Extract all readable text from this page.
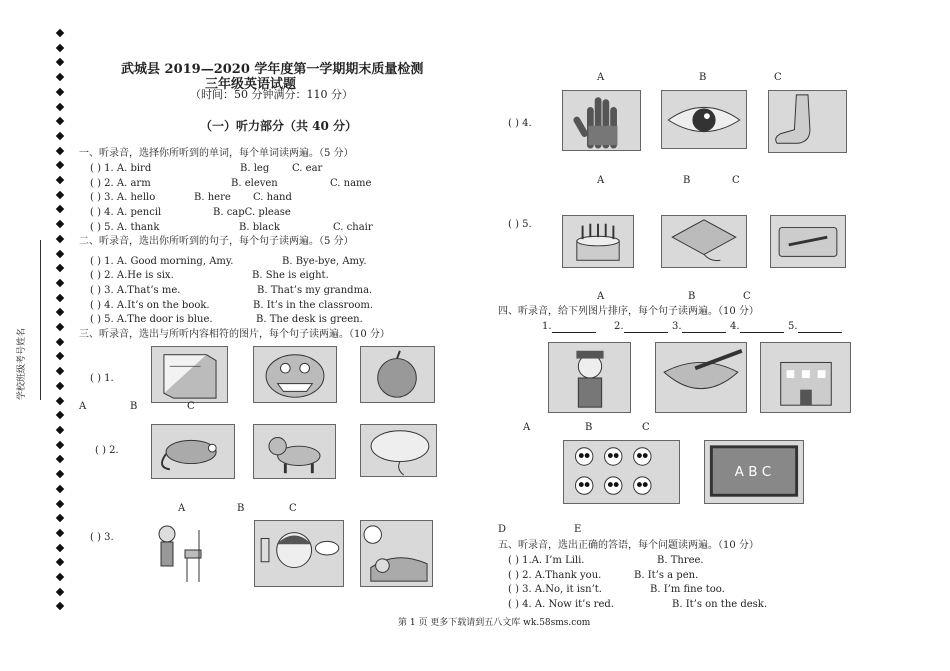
学校班级考号姓名
武城县 2019—2020 学年度第一学期期末质量检测
三年级英语试题
（时间：50 分钟满分：110 分）
（一）听力部分（共 40 分）
一、听录音，选择你所听到的单词，每个单词读两遍。（5 分）
( ) 1. A. bird	B. leg C. ear
( ) 2. A. arm	B. eleven	C. name
( ) 3. A. hello	B. here C. hand
( ) 4. A. pencil	B. capC. please
( ) 5. A. thank	B. black	C. chair
二、听录音，选出你所听到的句子，每个句子读两遍。（5 分）
( ) 1. A. Good morning, Amy.	B. Bye-bye, Amy.
( ) 2. A.He is six.	B. She is eight.
( ) 3. A.That’s me.	B. That’s my grandma.
( ) 4. A.It’s on the book.	B. It’s in the classroom.
( ) 5. A.The door is blue.	B. The desk is green.
三、听录音，选出与所听内容相符的图片，每个句子读两遍。（10 分）
( ) 1.
A	B	C
( ) 2.
A	B	C
( ) 3.
A	B	C
( ) 4.
A	B	C
( ) 5.
A	B	C
四、听录音，给下列图片排序，每个句子读两遍。（10 分）
1.	2.	3.	4.	5.
A	B	C
A B C
D	E
五、听录音，选出正确的答语，每个问题读两遍。（10 分）
( ) 1.A. I’m Lili.	B. Three.
( ) 2. A.Thank you.	B. It’s a pen.
( ) 3. A.No, it isn’t.	B. I’m fine too.
( ) 4. A. Now it’s red.	B. It’s on the desk.
第 1 页 更多下载请到五八文库 wk.58sms.com
